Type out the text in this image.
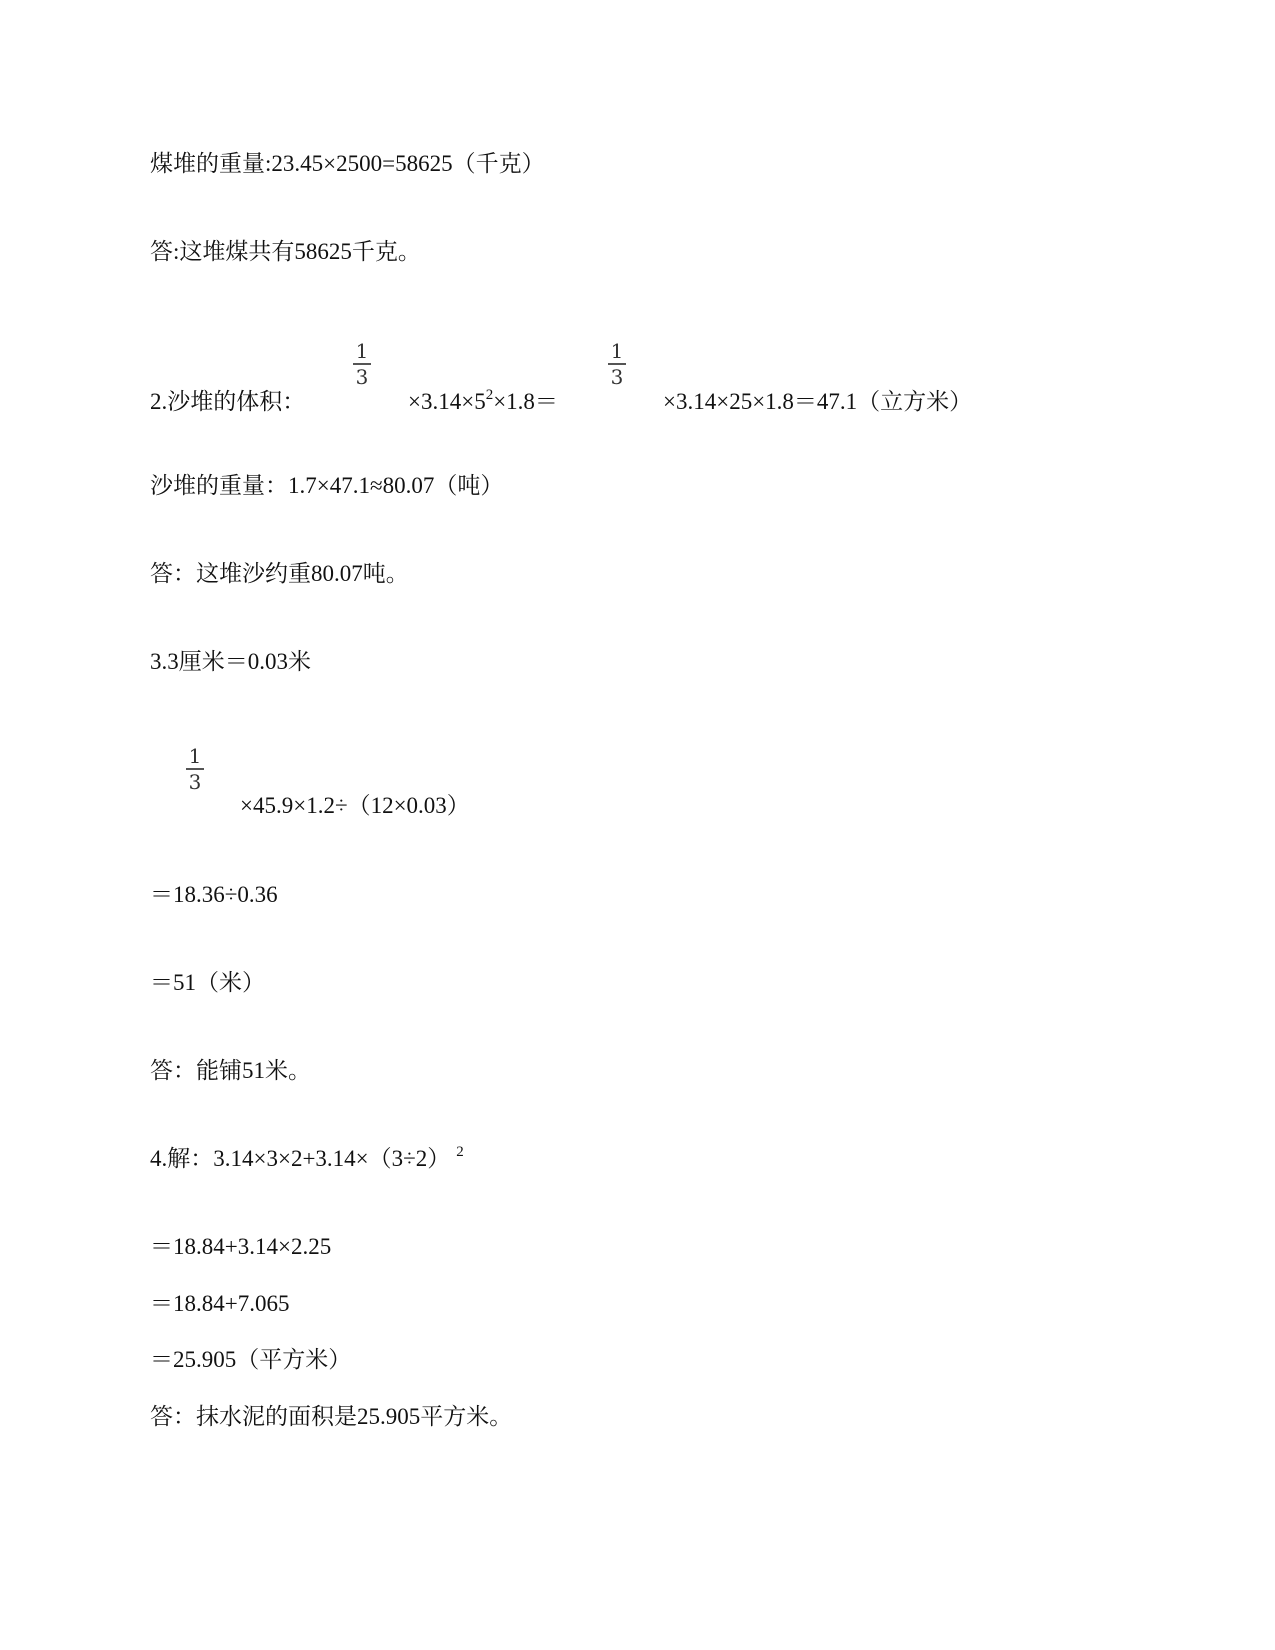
煤堆的重量:23.45×2500=58625（千克）
答:这堆煤共有58625千克。
2.沙堆的体积：
1
3
$\times 3.14\times 5^2\times 1.8=$
1
3
×3.14×25×1.8＝47.1（立方米）
沙堆的重量：1.7×47.1≈80.07（吨）
答：这堆沙约重80.07吨。
3.3厘米＝0.03米
1
3
×45.9×1.2÷（12×0.03）
＝18.36÷0.36
＝51（米）
答：能铺51米。
4.解：3.14×3×2+3.14×（3÷2） $^2$
＝18.84+3.14×2.25
＝18.84+7.065
＝25.905（平方米）
答：抹水泥的面积是25.905平方米。
